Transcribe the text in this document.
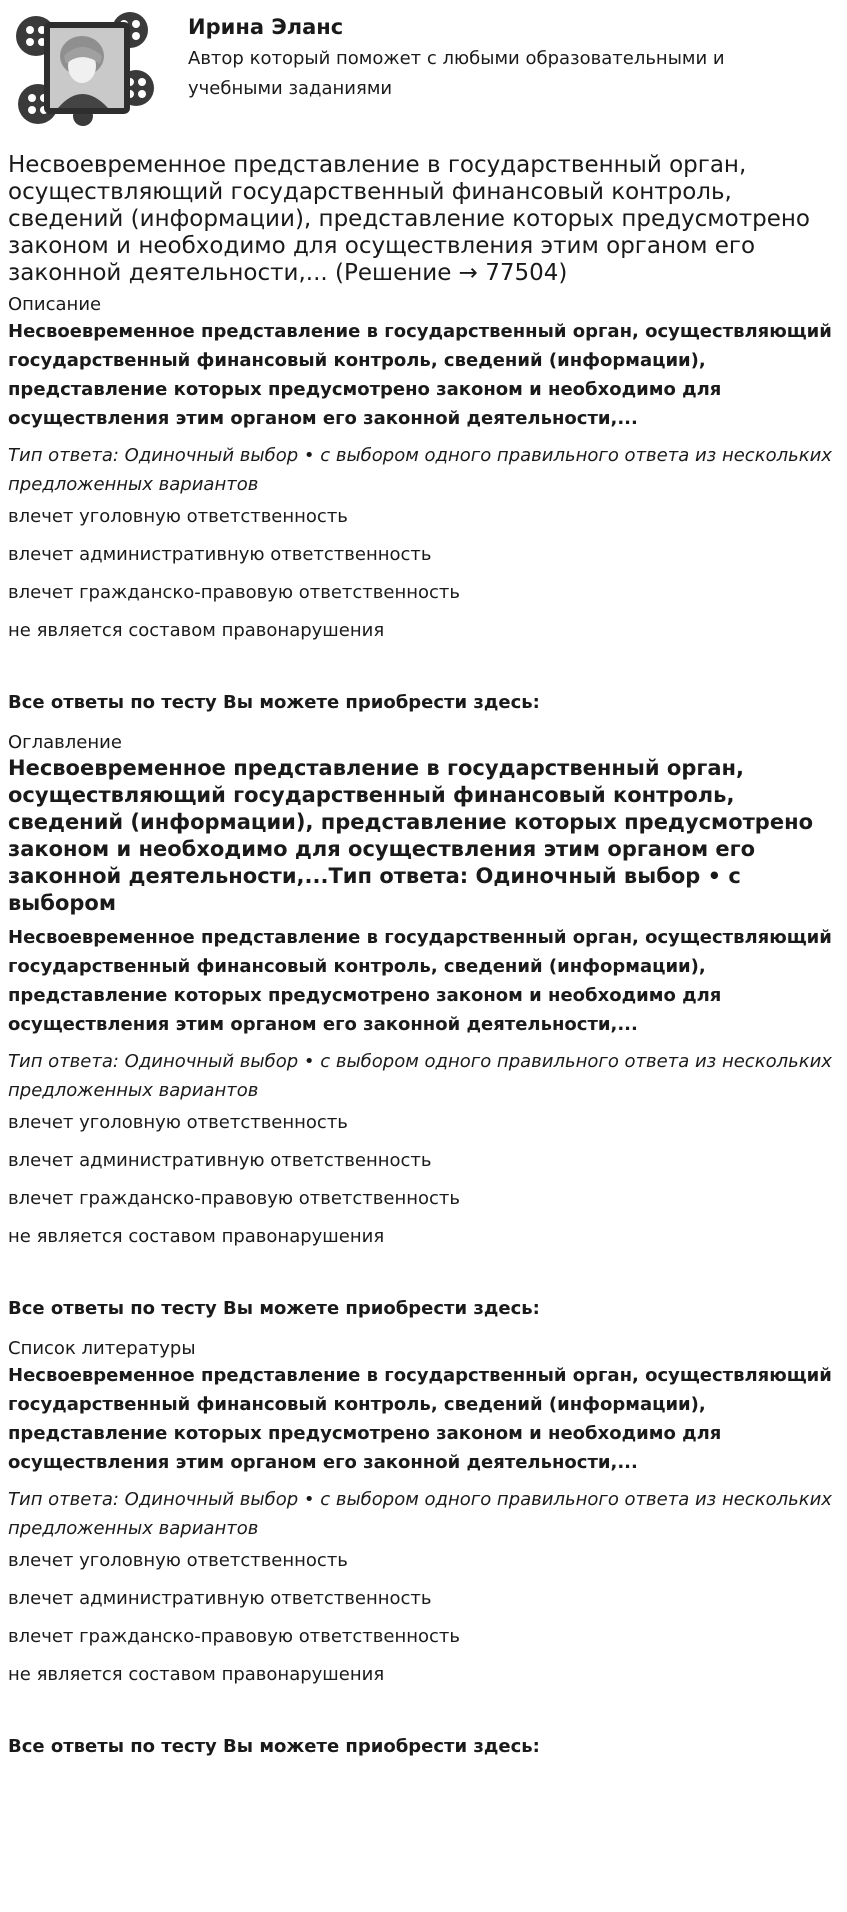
Ирина Эланс

Автор который поможет с любыми образовательными и учебными заданиями

Несвоевременное представление в государственный орган, осуществляющий государственный финансовый контроль, сведений (информации), представление которых предусмотрено законом и необходимо для осуществления этим органом его законной деятельности,... (Решение → 77504)

Описание

Несвоевременное представление в государственный орган, осуществляющий государственный финансовый контроль, сведений (информации), представление которых предусмотрено законом и необходимо для осуществления этим органом его законной деятельности,...

Тип ответа: Одиночный выбор • с выбором одного правильного ответа из нескольких предложенных вариантов

влечет уголовную ответственность

влечет административную ответственность

влечет гражданско-правовую ответственность

не является составом правонарушения

Все ответы по тесту Вы можете приобрести здесь:

Оглавление

Несвоевременное представление в государственный орган, осуществляющий государственный финансовый контроль, сведений (информации), представление которых предусмотрено законом и необходимо для осуществления этим органом его законной деятельности,...Тип ответа: Одиночный выбор • с выбором

Несвоевременное представление в государственный орган, осуществляющий государственный финансовый контроль, сведений (информации), представление которых предусмотрено законом и необходимо для осуществления этим органом его законной деятельности,...

Тип ответа: Одиночный выбор • с выбором одного правильного ответа из нескольких предложенных вариантов

влечет уголовную ответственность

влечет административную ответственность

влечет гражданско-правовую ответственность

не является составом правонарушения

Все ответы по тесту Вы можете приобрести здесь:

Список литературы

Несвоевременное представление в государственный орган, осуществляющий государственный финансовый контроль, сведений (информации), представление которых предусмотрено законом и необходимо для осуществления этим органом его законной деятельности,...

Тип ответа: Одиночный выбор • с выбором одного правильного ответа из нескольких предложенных вариантов

влечет уголовную ответственность

влечет административную ответственность

влечет гражданско-правовую ответственность

не является составом правонарушения

Все ответы по тесту Вы можете приобрести здесь:
